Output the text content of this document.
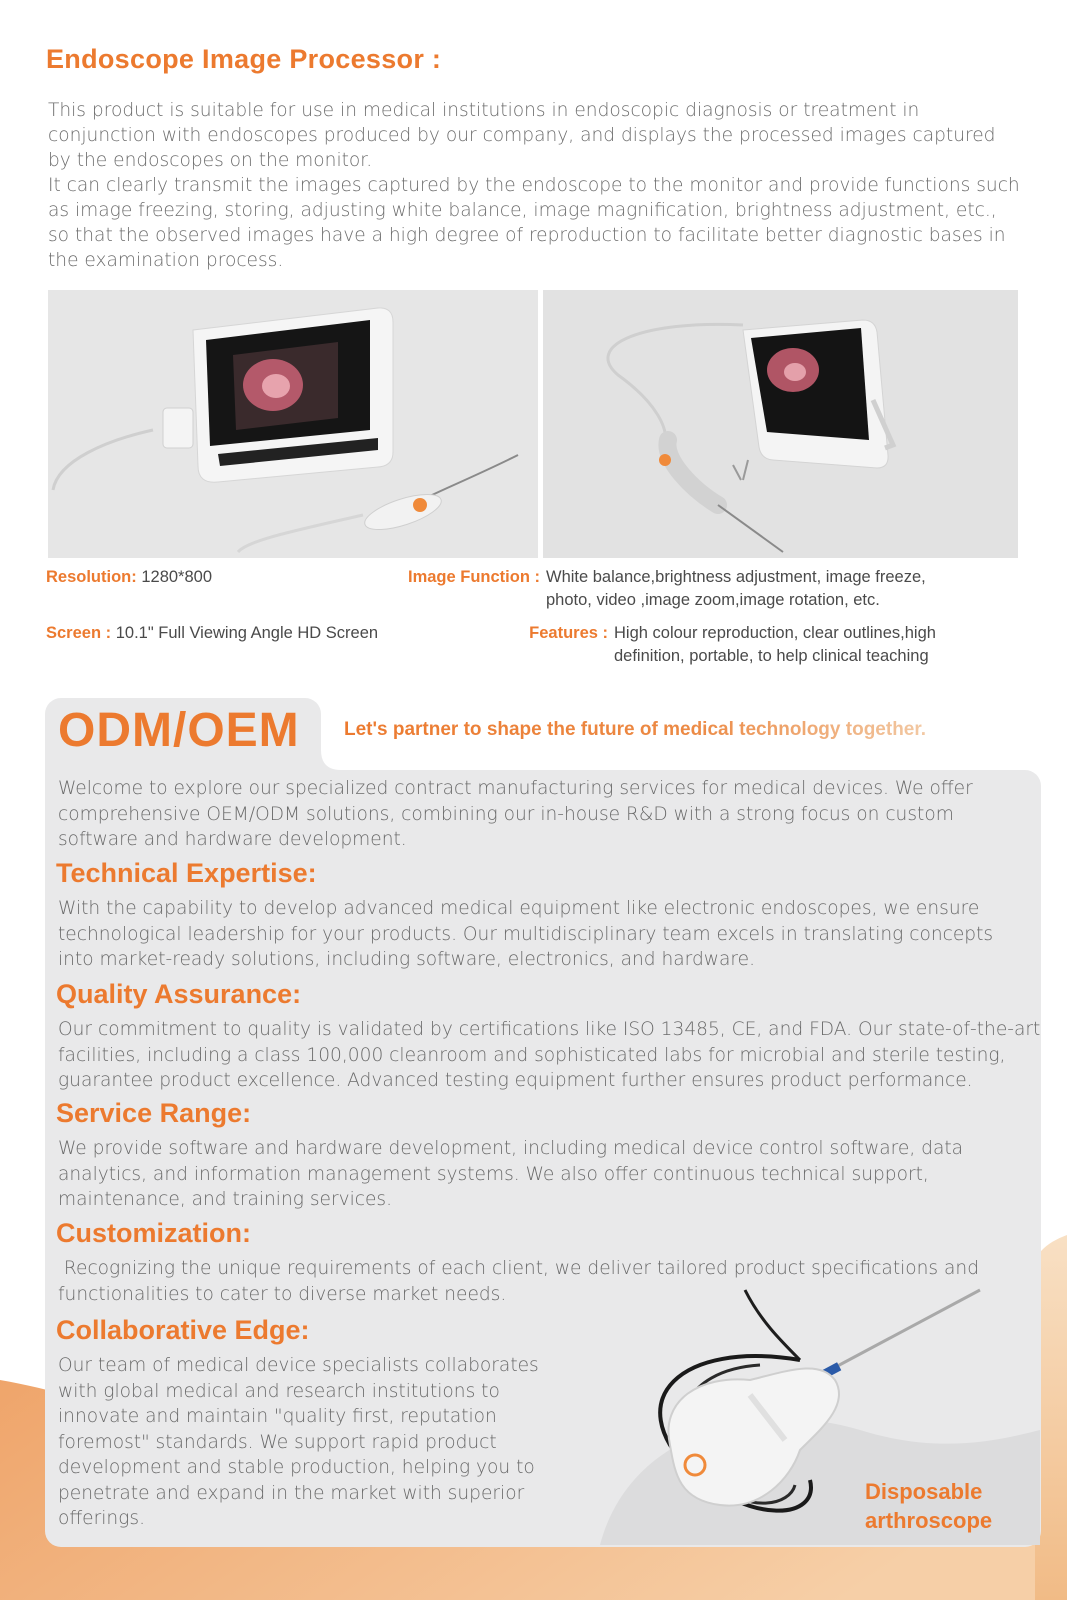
Endoscope Image Processor :

This product is suitable for use in medical institutions in endoscopic diagnosis or treatment in conjunction with endoscopes produced by our company, and displays the processed images captured by the endoscopes on the monitor.

It can clearly transmit the images captured by the endoscope to the monitor and provide functions such as image freezing, storing, adjusting white balance, image magnification, brightness adjustment, etc., so that the observed images have a high degree of reproduction to facilitate better diagnostic bases in the examination process.

Resolution: 1280*800
Screen : 10.1" Full Viewing Angle HD Screen
Image Function : White balance,brightness adjustment, image freeze,
photo, video ,image zoom,image rotation, etc.
Features : High colour reproduction, clear outlines,high
definition, portable, to help clinical teaching
ODM/OEM Let's partner to shape the future of medical technology together.

Welcome to explore our specialized contract manufacturing services for medical devices. We offer comprehensive OEM/ODM solutions, combining our in-house R&D with a strong focus on custom software and hardware development.
Technical Expertise:
With the capability to develop advanced medical equipment like electronic endoscopes, we ensure technological leadership for your products. Our multidisciplinary team excels in translating concepts into market-ready solutions, including software, electronics, and hardware.
Quality Assurance:
Our commitment to quality is validated by certifications like ISO 13485, CE, and FDA. Our state-of-the-art facilities, including a class 100,000 cleanroom and sophisticated labs for microbial and sterile testing, guarantee product excellence. Advanced testing equipment further ensures product performance.
Service Range:
We provide software and hardware development, including medical device control software, data analytics, and information management systems. We also offer continuous technical support, maintenance, and training services.
Customization:
Recognizing the unique requirements of each client, we deliver tailored product specifications and functionalities to cater to diverse market needs.
Collaborative Edge:
Our team of medical device specialists collaborates with global medical and research institutions to innovate and maintain "quality first, reputation foremost" standards. We support rapid product development and stable production, helping you to penetrate and expand in the market with superior offerings.
Disposable
arthroscope
